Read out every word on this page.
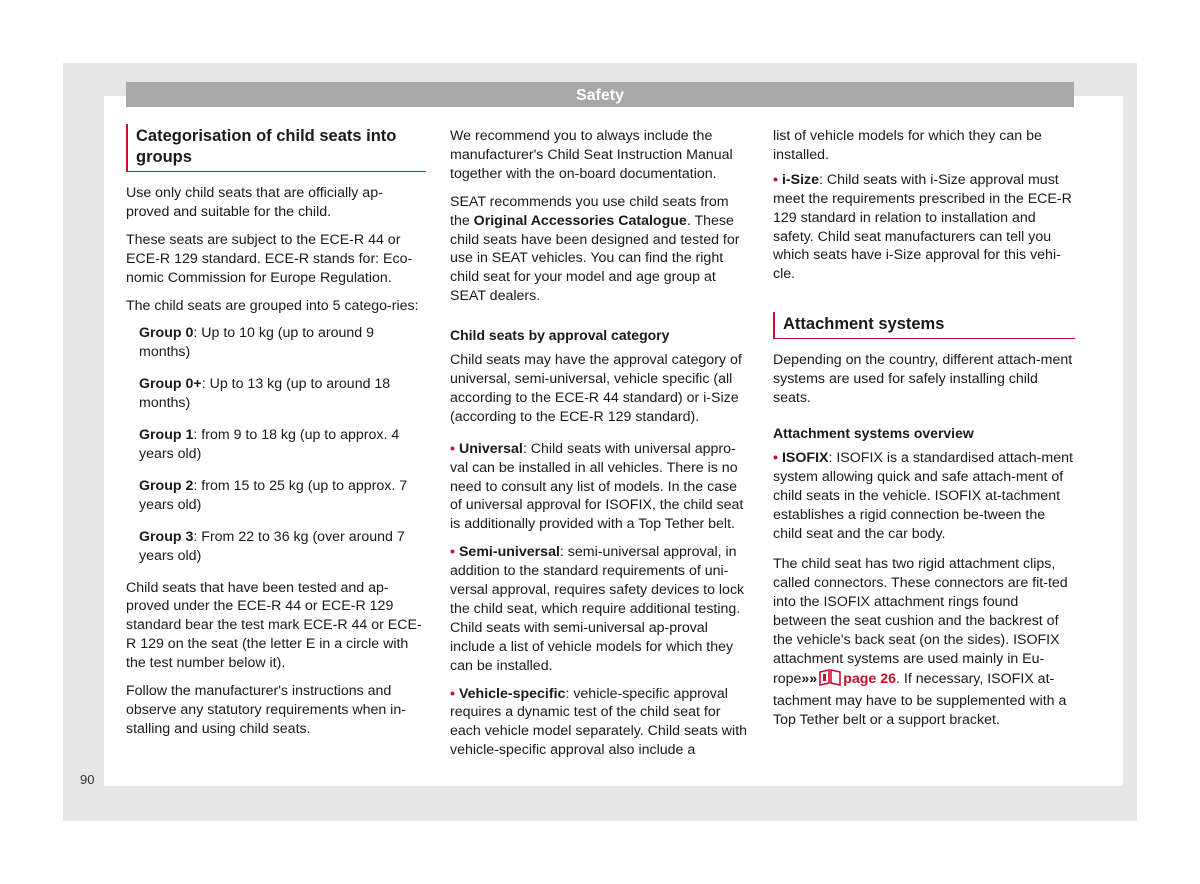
Safety
Categorisation of child seats into groups

Use only child seats that are officially ap-proved and suitable for the child.

These seats are subject to the ECE-R 44 or ECE-R 129 standard. ECE-R stands for: Eco-nomic Commission for Europe Regulation.

The child seats are grouped into 5 catego-ries:

Group 0: Up to 10 kg (up to around 9 months)

Group 0+: Up to 13 kg (up to around 18 months)

Group 1: from 9 to 18 kg (up to approx. 4 years old)

Group 2: from 15 to 25 kg (up to approx. 7 years old)

Group 3: From 22 to 36 kg (over around 7 years old)

Child seats that have been tested and ap-proved under the ECE-R 44 or ECE-R 129 standard bear the test mark ECE-R 44 or ECE-R 129 on the seat (the letter E in a circle with the test number below it).

Follow the manufacturer's instructions and observe any statutory requirements when in-stalling and using child seats.

We recommend you to always include the manufacturer's Child Seat Instruction Manual together with the on-board documentation.

SEAT recommends you use child seats from the Original Accessories Catalogue. These child seats have been designed and tested for use in SEAT vehicles. You can find the right child seat for your model and age group at SEAT dealers.

Child seats by approval category

Child seats may have the approval category of universal, semi-universal, vehicle specific (all according to the ECE-R 44 standard) or i-Size (according to the ECE-R 129 standard).

• Universal: Child seats with universal appro-val can be installed in all vehicles. There is no need to consult any list of models. In the case of universal approval for ISOFIX, the child seat is additionally provided with a Top Tether belt.

• Semi-universal: semi-universal approval, in addition to the standard requirements of uni-versal approval, requires safety devices to lock the child seat, which require additional testing. Child seats with semi-universal ap-proval include a list of vehicle models for which they can be installed.

• Vehicle-specific: vehicle-specific approval requires a dynamic test of the child seat for each vehicle model separately. Child seats with vehicle-specific approval also include a

list of vehicle models for which they can be installed.

• i-Size: Child seats with i-Size approval must meet the requirements prescribed in the ECE-R 129 standard in relation to installation and safety. Child seat manufacturers can tell you which seats have i-Size approval for this vehi-cle.

Attachment systems

Depending on the country, different attach-ment systems are used for safely installing child seats.

Attachment systems overview

• ISOFIX: ISOFIX is a standardised attach-ment system allowing quick and safe attach-ment of child seats in the vehicle. ISOFIX at-tachment establishes a rigid connection be-tween the child seat and the car body.

The child seat has two rigid attachment clips, called connectors. These connectors are fit-ted into the ISOFIX attachment rings found between the seat cushion and the backrest of the vehicle's back seat (on the sides). ISOFIX attachment systems are used mainly in Eu-rope»» page 26. If necessary, ISOFIX at-tachment may have to be supplemented with a Top Tether belt or a support bracket.

90
